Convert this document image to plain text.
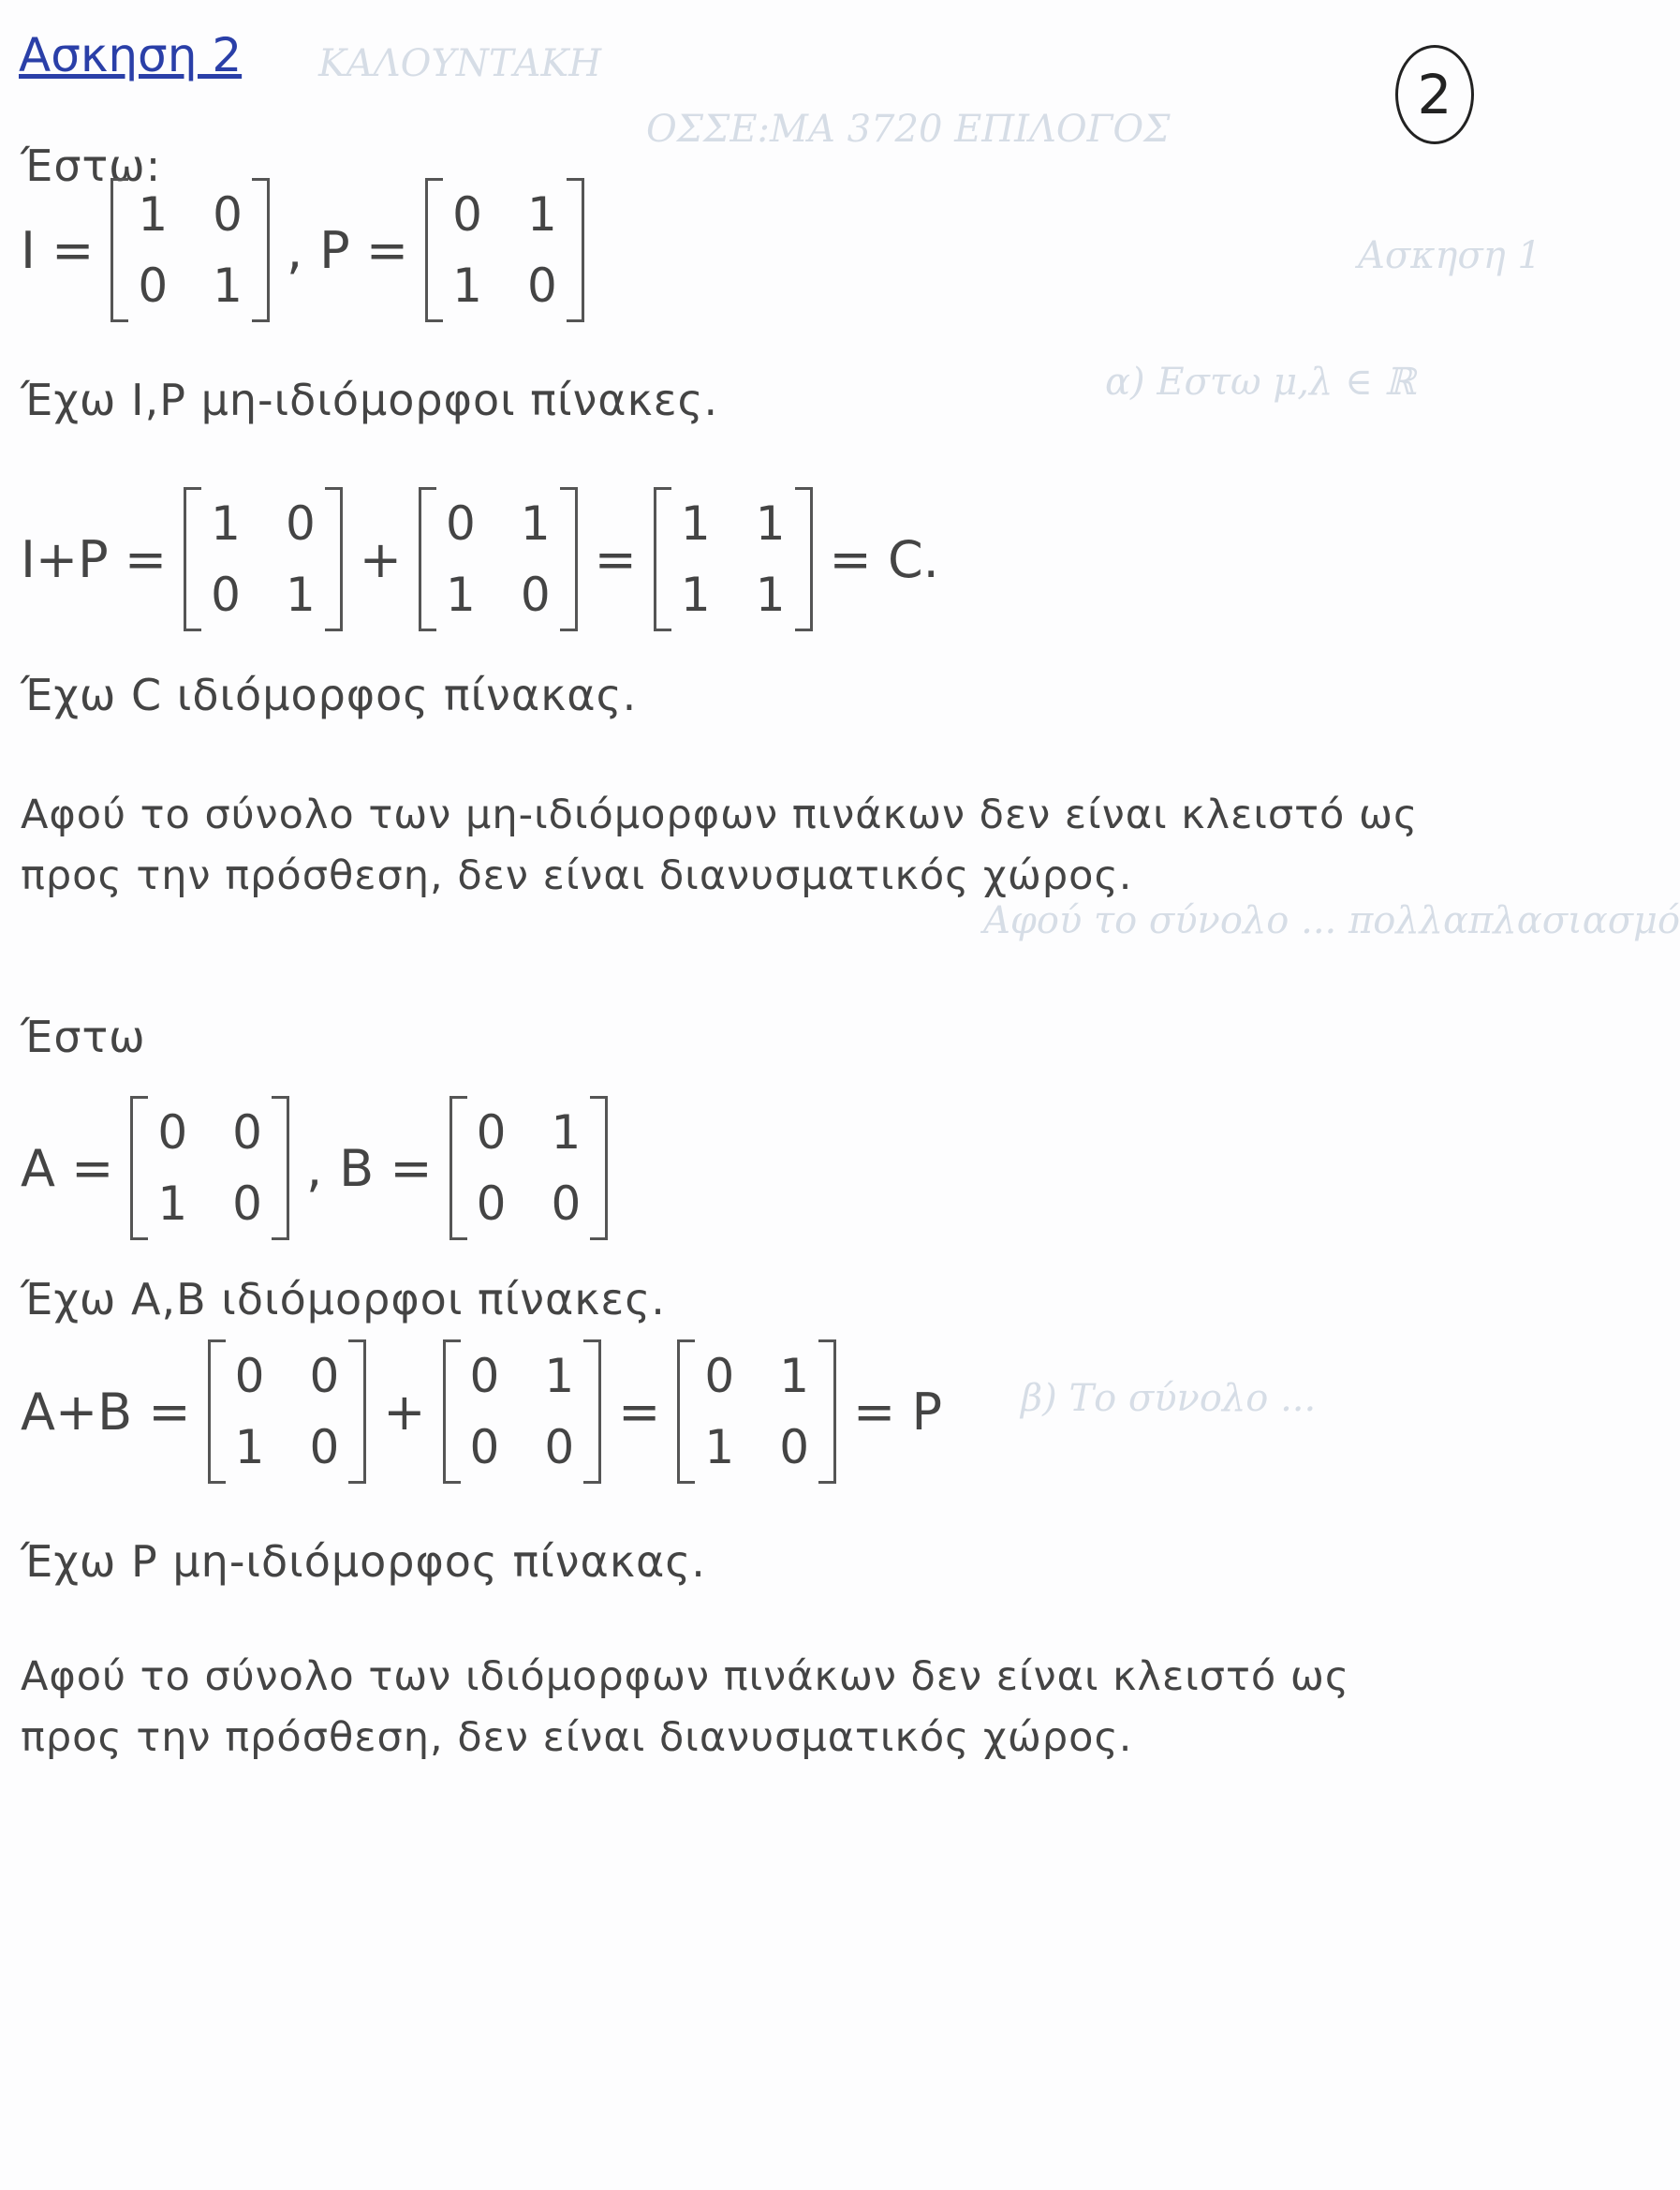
ΚΑΛΟΥΝΤΑΚΗ
ΟΣΣΕ:ΜΑ 3720 ΕΠΙΛΟΓΟΣ
Ασκηση 1
α) Εστω μ,λ ∈ ℝ
Αφού το σύνολο ... πολλαπλασιασμό
β) Το σύνολο ...
Ασκηση 2
2
Έστω:
I =
1 0
0 1
, P =
0 1
1 0
Έχω I,P μη-ιδιόμορφοι πίνακες.
I+P =
1 0
0 1
+
0 1
1 0
=
1 1
1 1
= C.
Έχω C ιδιόμορφος πίνακας.
Αφού το σύνολο των μη-ιδιόμορφων πινάκων δεν είναι κλειστό ως
προς την πρόσθεση, δεν είναι διανυσματικός χώρος.
Έστω
A =
0 0
1 0
, B =
0 1
0 0
Έχω A,B ιδιόμορφοι πίνακες.
A+B =
0 0
1 0
+
0 1
0 0
=
0 1
1 0
= P
Έχω P μη-ιδιόμορφος πίνακας.
Αφού το σύνολο των ιδιόμορφων πινάκων δεν είναι κλειστό ως
προς την πρόσθεση, δεν είναι διανυσματικός χώρος.
